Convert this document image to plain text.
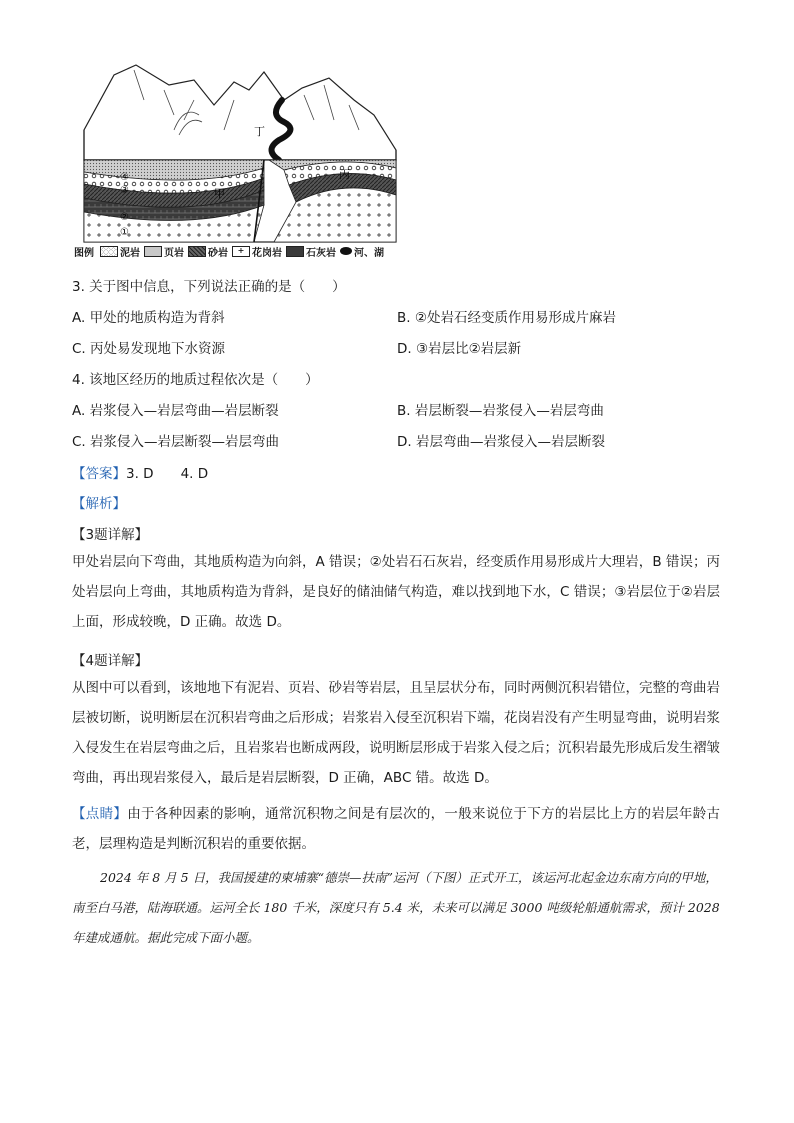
丁
甲
丙
④
③
②
①
图例	泥岩 页岩 砂岩	+ 花岗岩 石灰岩 河、湖
3. 关于图中信息，下列说法正确的是（　　）
A. 甲处的地质构造为背斜	B. ②处岩石经变质作用易形成片麻岩
C. 丙处易发现地下水资源	D. ③岩层比②岩层新
4. 该地区经历的地质过程依次是（　　）
A. 岩浆侵入—岩层弯曲—岩层断裂	B. 岩层断裂—岩浆侵入—岩层弯曲
C. 岩浆侵入—岩层断裂—岩层弯曲	D. 岩层弯曲—岩浆侵入—岩层断裂
【答案】3. D　　4. D
【解析】
【3题详解】
甲处岩层向下弯曲，其地质构造为向斜，A 错误；②处岩石石灰岩，经变质作用易形成片大理岩，B 错误；丙处岩层向上弯曲，其地质构造为背斜，是良好的储油储气构造，难以找到地下水，C 错误；③岩层位于②岩层上面，形成较晚，D 正确。故选 D。
【4题详解】
从图中可以看到，该地地下有泥岩、页岩、砂岩等岩层，且呈层状分布，同时两侧沉积岩错位，完整的弯曲岩层被切断，说明断层在沉积岩弯曲之后形成；岩浆岩入侵至沉积岩下端，花岗岩没有产生明显弯曲，说明岩浆入侵发生在岩层弯曲之后，且岩浆岩也断成两段，说明断层形成于岩浆入侵之后；沉积岩最先形成后发生褶皱弯曲，再出现岩浆侵入，最后是岩层断裂，D 正确，ABC 错。故选 D。
【点睛】由于各种因素的影响，通常沉积物之间是有层次的，一般来说位于下方的岩层比上方的岩层年龄古老，层理构造是判断沉积岩的重要依据。
2024 年 8 月 5 日，我国援建的柬埔寨“德崇—扶南”运河（下图）正式开工，该运河北起金边东南方向的甲地，南至白马港，陆海联通。运河全长 180 千米，深度只有 5.4 米，未来可以满足 3000 吨级轮船通航需求，预计 2028 年建成通航。据此完成下面小题。
